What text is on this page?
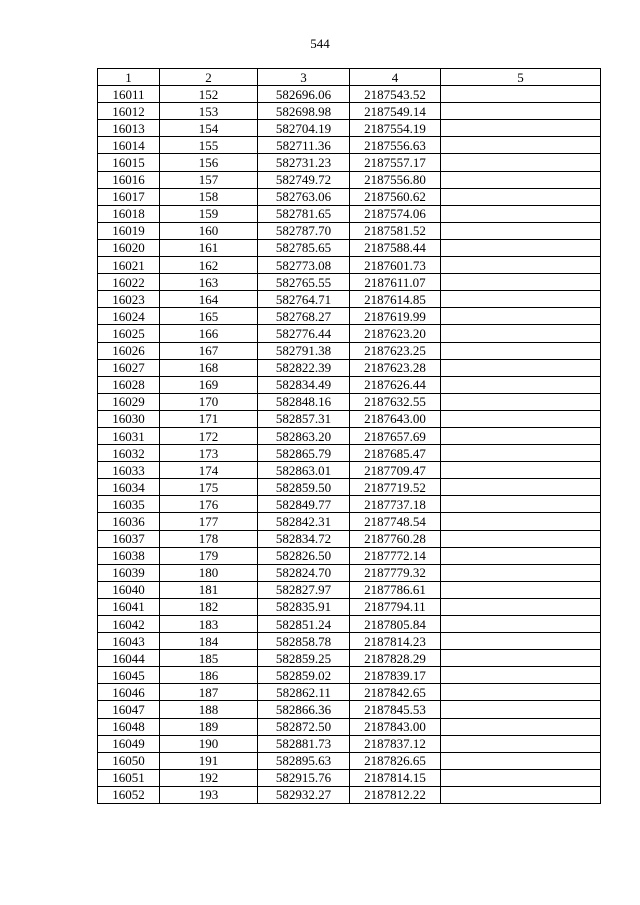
544
1	2	3	4	5
16011	152	582696.06	2187543.52	
16012	153	582698.98	2187549.14	
16013	154	582704.19	2187554.19	
16014	155	582711.36	2187556.63	
16015	156	582731.23	2187557.17	
16016	157	582749.72	2187556.80	
16017	158	582763.06	2187560.62	
16018	159	582781.65	2187574.06	
16019	160	582787.70	2187581.52	
16020	161	582785.65	2187588.44	
16021	162	582773.08	2187601.73	
16022	163	582765.55	2187611.07	
16023	164	582764.71	2187614.85	
16024	165	582768.27	2187619.99	
16025	166	582776.44	2187623.20	
16026	167	582791.38	2187623.25	
16027	168	582822.39	2187623.28	
16028	169	582834.49	2187626.44	
16029	170	582848.16	2187632.55	
16030	171	582857.31	2187643.00	
16031	172	582863.20	2187657.69	
16032	173	582865.79	2187685.47	
16033	174	582863.01	2187709.47	
16034	175	582859.50	2187719.52	
16035	176	582849.77	2187737.18	
16036	177	582842.31	2187748.54	
16037	178	582834.72	2187760.28	
16038	179	582826.50	2187772.14	
16039	180	582824.70	2187779.32	
16040	181	582827.97	2187786.61	
16041	182	582835.91	2187794.11	
16042	183	582851.24	2187805.84	
16043	184	582858.78	2187814.23	
16044	185	582859.25	2187828.29	
16045	186	582859.02	2187839.17	
16046	187	582862.11	2187842.65	
16047	188	582866.36	2187845.53	
16048	189	582872.50	2187843.00	
16049	190	582881.73	2187837.12	
16050	191	582895.63	2187826.65	
16051	192	582915.76	2187814.15	
16052	193	582932.27	2187812.22	
